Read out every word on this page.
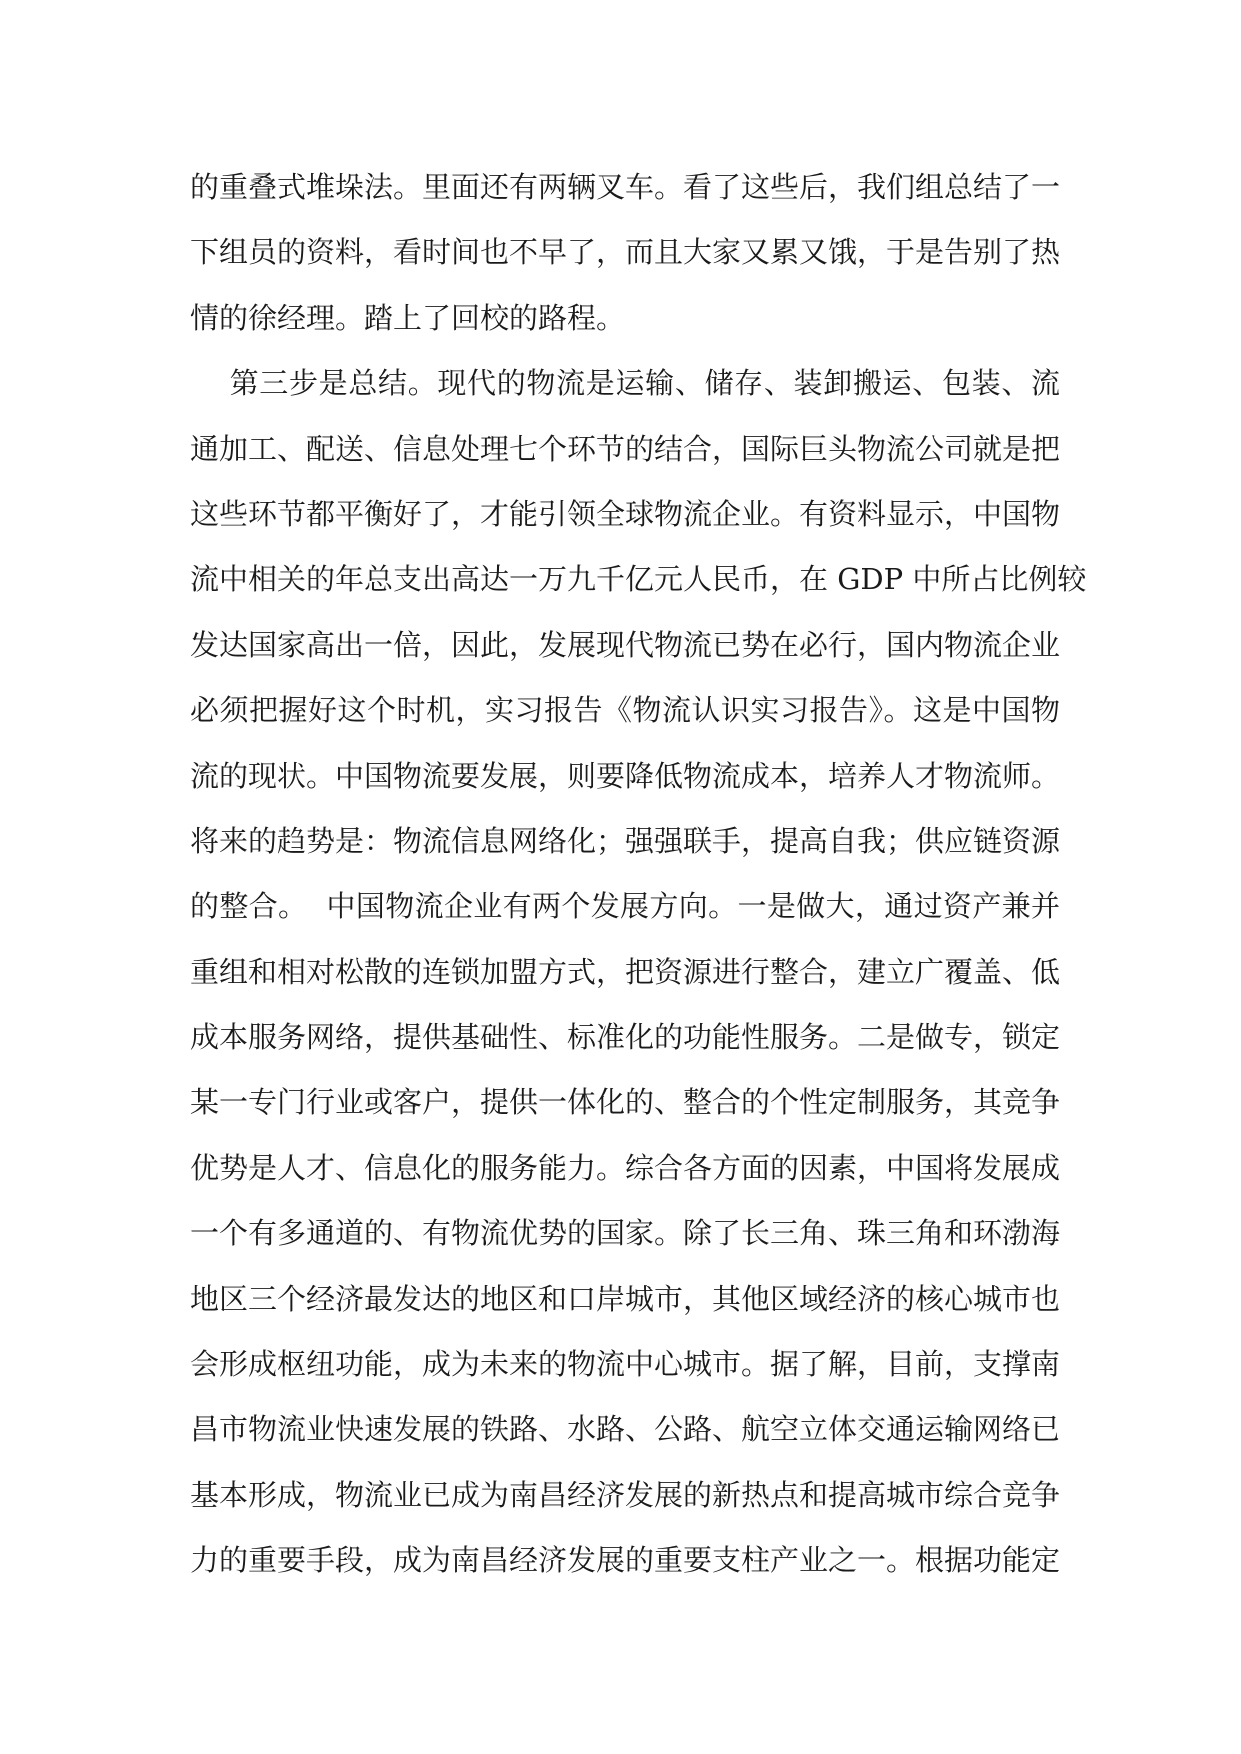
的重叠式堆垛法。里面还有两辆叉车。看了这些后，我们组总结了一
下组员的资料，看时间也不早了，而且大家又累又饿，于是告别了热
情的徐经理。踏上了回校的路程。
第三步是总结。现代的物流是运输、储存、装卸搬运、包装、流
通加工、配送、信息处理七个环节的结合，国际巨头物流公司就是把
这些环节都平衡好了，才能引领全球物流企业。有资料显示，中国物
流中相关的年总支出高达一万九千亿元人民币，在 GDP 中所占比例较
发达国家高出一倍，因此，发展现代物流已势在必行，国内物流企业
必须把握好这个时机，实习报告《物流认识实习报告》。这是中国物
流的现状。中国物流要发展，则要降低物流成本，培养人才物流师。
将来的趋势是：物流信息网络化；强强联手，提高自我；供应链资源
的整合。  中国物流企业有两个发展方向。一是做大，通过资产兼并
重组和相对松散的连锁加盟方式，把资源进行整合，建立广覆盖、低
成本服务网络，提供基础性、标准化的功能性服务。二是做专，锁定
某一专门行业或客户，提供一体化的、整合的个性定制服务，其竞争
优势是人才、信息化的服务能力。综合各方面的因素，中国将发展成
一个有多通道的、有物流优势的国家。除了长三角、珠三角和环渤海
地区三个经济最发达的地区和口岸城市，其他区域经济的核心城市也
会形成枢纽功能，成为未来的物流中心城市。据了解，目前，支撑南
昌市物流业快速发展的铁路、水路、公路、航空立体交通运输网络已
基本形成，物流业已成为南昌经济发展的新热点和提高城市综合竞争
力的重要手段，成为南昌经济发展的重要支柱产业之一。根据功能定
